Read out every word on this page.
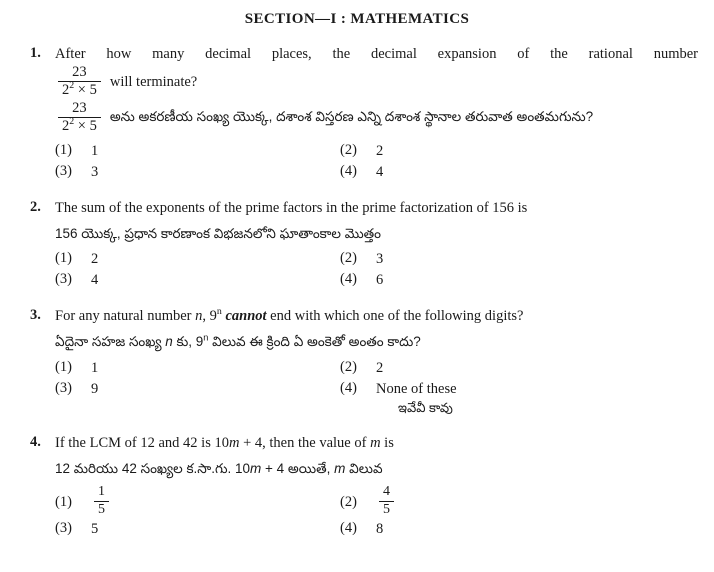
SECTION—I : MATHEMATICS
1. After how many decimal places, the decimal expansion of the rational number
$\frac{23}{2^2 \times 5}$ will terminate?
$\frac{23}{2^2 \times 5}$ అను అకరణీయ సంఖ్య యొక్క, దశాంశ విస్తరణ ఎన్ని దశాంశ స్థానాల తరువాత అంతమగును?
(1)	1	(2)	2
(3)	3	(4)	4
2. The sum of the exponents of the prime factors in the prime factorization of 156 is
156 యొక్క, ప్రధాన కారణాంక విభజనలోని ఘాతాంకాల మొత్తం
(1)	2	(2)	3
(3)	4	(4)	6
3. For any natural number n, 9$^n$ cannot end with which one of the following digits?
ఏదైనా సహజ సంఖ్య n కు, 9$^n$ విలువ ఈ క్రింది ఏ అంకెతో అంతం కాదు?
(1)	1	(2)	2
(3)	9	(4)	None of these
ఇవేవీ కావు
4. If the LCM of 12 and 42 is 10m + 4, then the value of m is
12 మరియు 42 సంఖ్యల క.సా.గు. 10m + 4 అయితే, m విలువ
(1)	$\frac{1}{5}$	(2)	$\frac{4}{5}$
(3)	5	(4)	8
